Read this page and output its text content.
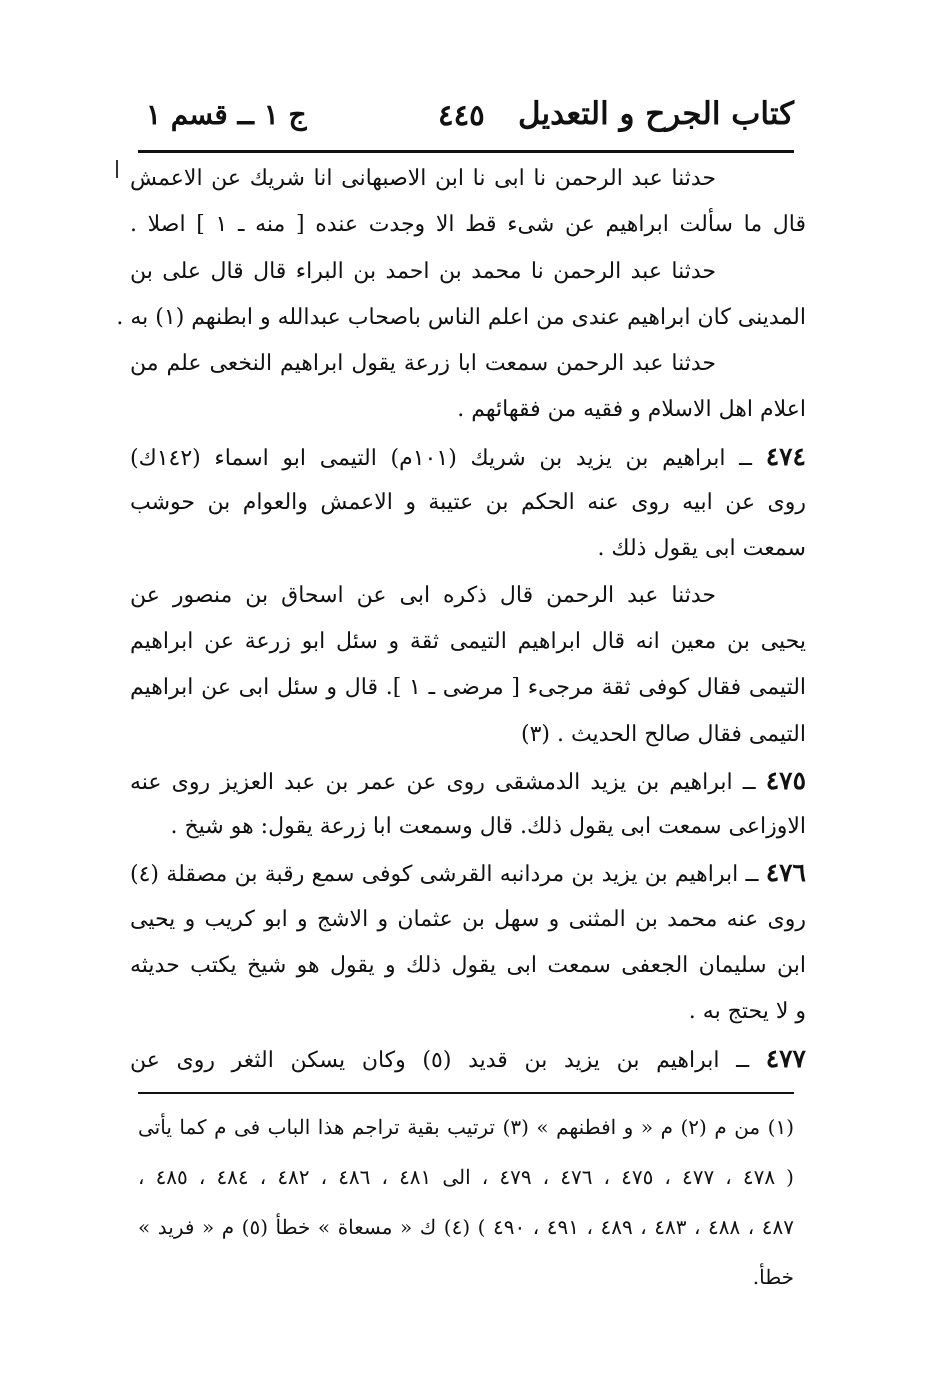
كتاب الجرح و التعديل
٤٤٥
ج ١ ــ قسم ١
حدثنا عبد الرحمن نا ابى نا ابن الاصبهانى انا شريك عن الاعمش
قال ما سألت ابراهيم عن شىء قط الا وجدت عنده [ منه ـ ١ ] اصلا .
حدثنا عبد الرحمن نا محمد بن احمد بن البراء قال قال على بن
المدينى كان ابراهيم عندى من اعلم الناس باصحاب عبدالله و ابطنهم (١) به .
حدثنا عبد الرحمن سمعت ابا زرعة يقول ابراهيم النخعى علم من
اعلام اهل الاسلام و فقيه من فقهائهم .
٤٧٤ ــ ابراهيم بن يزيد بن شريك (١٠١م) التيمى ابو اسماء (١٤٢ك)
روى عن ابيه روى عنه الحكم بن عتيبة و الاعمش والعوام بن حوشب
سمعت ابى يقول ذلك .
حدثنا عبد الرحمن قال ذكره ابى عن اسحاق بن منصور عن
يحيى بن معين انه قال ابراهيم التيمى ثقة و سئل ابو زرعة عن ابراهيم
التيمى فقال كوفى ثقة مرجىء [ مرضى ـ ١ ]. قال و سئل ابى عن ابراهيم
التيمى فقال صالح الحديث . (٣)
٤٧٥ ــ ابراهيم بن يزيد الدمشقى روى عن عمر بن عبد العزيز روى عنه
الاوزاعى سمعت ابى يقول ذلك. قال وسمعت ابا زرعة يقول: هو شيخ .
٤٧٦ ــ ابراهيم بن يزيد بن مردانبه القرشى كوفى سمع رقبة بن مصقلة (٤)
روى عنه محمد بن المثنى و سهل بن عثمان و الاشج و ابو كريب و يحيى
ابن سليمان الجعفى سمعت ابى يقول ذلك و يقول هو شيخ يكتب حديثه
و لا يحتج به .
٤٧٧ ــ ابراهيم بن يزيد بن قديد (٥) وكان يسكن الثغر روى عن
(١) من م (٢) م « و افطنهم » (٣) ترتيب بقية تراجم هذا الباب فى م كما يأتى
( ٤٧٨ ، ٤٧٧ ، ٤٧٥ ، ٤٧٦ ، ٤٧٩ ، الى ٤٨١ ، ٤٨٦ ، ٤٨٢ ، ٤٨٤ ، ٤٨٥ ،
٤٨٧ ، ٤٨٨ ، ٤٨٣ ، ٤٨٩ ، ٤٩١ ، ٤٩٠ ) (٤) ك « مسعاة » خطأ (٥) م « فريد »
خطأ.
